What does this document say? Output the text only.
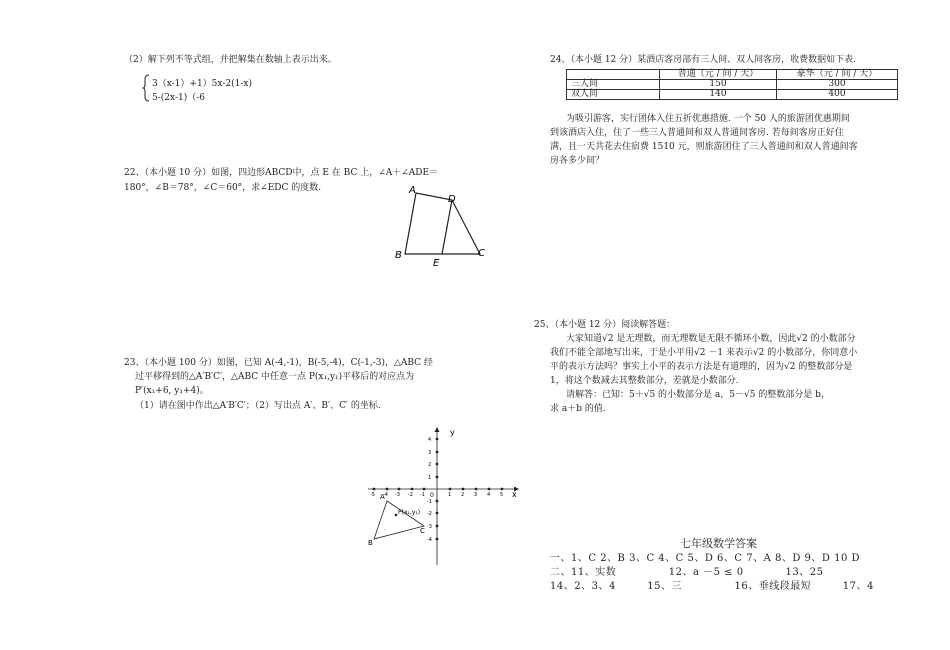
（2）解下列不等式组，并把解集在数轴上表示出来。
3（x-1）+1）5x-2(1-x)
5-(2x-1)（-6
22、（本小题 10 分）如图，四边形ABCD中，点 E 在 BC 上，∠A＋∠ADE＝
180°，∠B＝78°，∠C＝60°，求∠EDC 的度数.	A
D
B	C
E
23、（本小题 100 分）如图，已知 A(-4,-1)，B(-5,-4)，C(-1,-3)，△ABC 经
过平移得到的△A′B′C′，△ABC 中任意一点 P(x₁,y₁)平移后的对应点为
P′(x₁+6, y₁+4)。
（1）请在图中作出△A′B′C′；（2）写出点 A′、B′、C′ 的坐标.
y
x
0
-5 -4 -3 -2 -1	1 2 3 4 5
4
3
2
1
-1
-2
-3
-4
A
B
C
P(x₁,y₁)
24、（本小题 12 分）某酒店客房部有三人间、双人间客房，收费数据如下表.
	普通（元 / 间 / 天）	豪华（元 / 间 / 天）
三人间	150	300
双人间	140	400
为吸引游客，实行团体入住五折优惠措施. 一个 50 人的旅游团优惠期间
到该酒店入住，住了一些三人普通间和双人普通间客房. 若每间客房正好住
满，且一天共花去住宿费 1510 元，则旅游团住了三人普通间和双人普通间客
房各多少间？
25、（本小题 12 分）阅读解答题：
大家知道√2 是无理数，而无理数是无限不循环小数，因此√2 的小数部分
我们不能全部地写出来，于是小平用√2 －1 来表示√2 的小数部分，你同意小
平的表示方法吗？事实上小平的表示方法是有道理的，因为√2 的整数部分是
1，将这个数减去其整数部分，差就是小数部分.
请解答：已知：5＋√5 的小数部分是 a，5－√5 的整数部分是 b，
求 a＋b 的值.
七年级数学答案
一、1、C 2、B 3、C 4、C 5、D 6、C 7、A 8、D 9、D 10 D
二、11、实数　　　　　12、a －5 ≤ 0　　　　13、25
14、2、3、4　　　15、三　　　　　16、垂线段最短　　　17、4
